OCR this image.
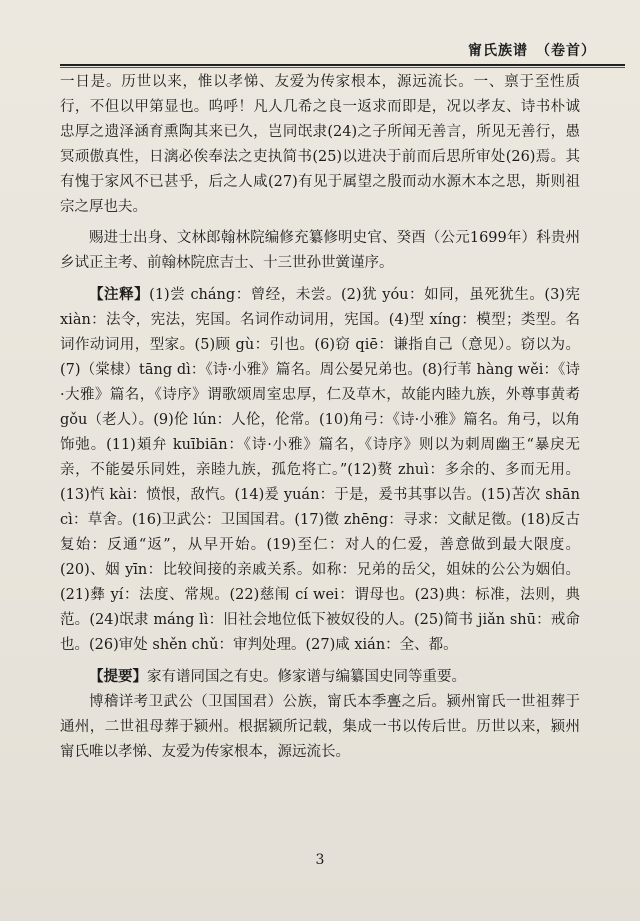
甯氏族谱　（卷首）

一日是。历世以来，惟以孝悌、友爱为传家根本，源远流长。一、禀于至性质行，不但以甲第显也。呜呼！凡人几希之良一返求而即是，况以孝友、诗书朴诚忠厚之遗泽涵育熏陶其来已久，岂同氓隶(24)之子所闻无善言，所见无善行，愚冥顽傲真性，日漓必俟奉法之吏执简书(25)以进决于前而后思所审处(26)焉。其有愧于家风不已甚乎，后之人咸(27)有见于属望之殷而动水源木本之思，斯则祖宗之厚也夫。

赐进士出身、文林郎翰林院编修充纂修明史官、癸酉（公元1699年）科贵州乡试正主考、前翰林院庶吉士、十三世孙世黉谨序。

【注释】(1)尝 cháng：曾经，未尝。(2)犹 yóu：如同，虽死犹生。(3)宪 xiàn：法令，宪法，宪国。名词作动词用，宪国。(4)型 xíng：模型；类型。名词作动词用，型家。(5)顾 gù：引也。(6)窃 qiē：谦指自己（意见）。窃以为。(7)（棠棣）tāng dì：《诗·小雅》篇名。周公晏兄弟也。(8)行苇 hàng wěi：《诗·大雅》篇名，《诗序》谓歌颂周室忠厚，仁及草木，故能内睦九族，外尊事黄耇 gǒu（老人）。(9)伦 lún：人伦，伦常。(10)角弓：《诗·小雅》篇名。角弓，以角饰弛。(11)頍弁 kuībiān：《诗·小雅》篇名，《诗序》则以为刺周幽王“暴戾无亲，不能晏乐同姓，亲睦九族，孤危将亡。”(12)赘 zhuì：多余的、多而无用。(13)忾 kài：愤恨，敌忾。(14)爰 yuán：于是，爰书其事以告。(15)苫次 shān cì：草舍。(16)卫武公：卫国国君。(17)徵 zhēng：寻求：文献足徵。(18)反古复始：反通“返”，从早开始。(19)至仁：对人的仁爱，善意做到最大限度。(20)、姻 yīn：比较间接的亲戚关系。如称：兄弟的岳父，姐妹的公公为姻伯。(21)彝 yí：法度、常规。(22)慈闱 cí wei：谓母也。(23)典：标准，法则，典范。(24)氓隶 máng lì：旧社会地位低下被奴役的人。(25)简书 jiǎn shū：戒命也。(26)审处 shěn chǔ：审判处理。(27)咸 xián：全、都。

【提要】家有谱同国之有史。修家谱与编纂国史同等重要。

博稽详考卫武公（卫国国君）公族，甯氏本季亹之后。颍州甯氏一世祖葬于通州，二世祖母葬于颍州。根据颍所记载，集成一书以传后世。历世以来，颍州甯氏唯以孝悌、友爱为传家根本，源远流长。

3
